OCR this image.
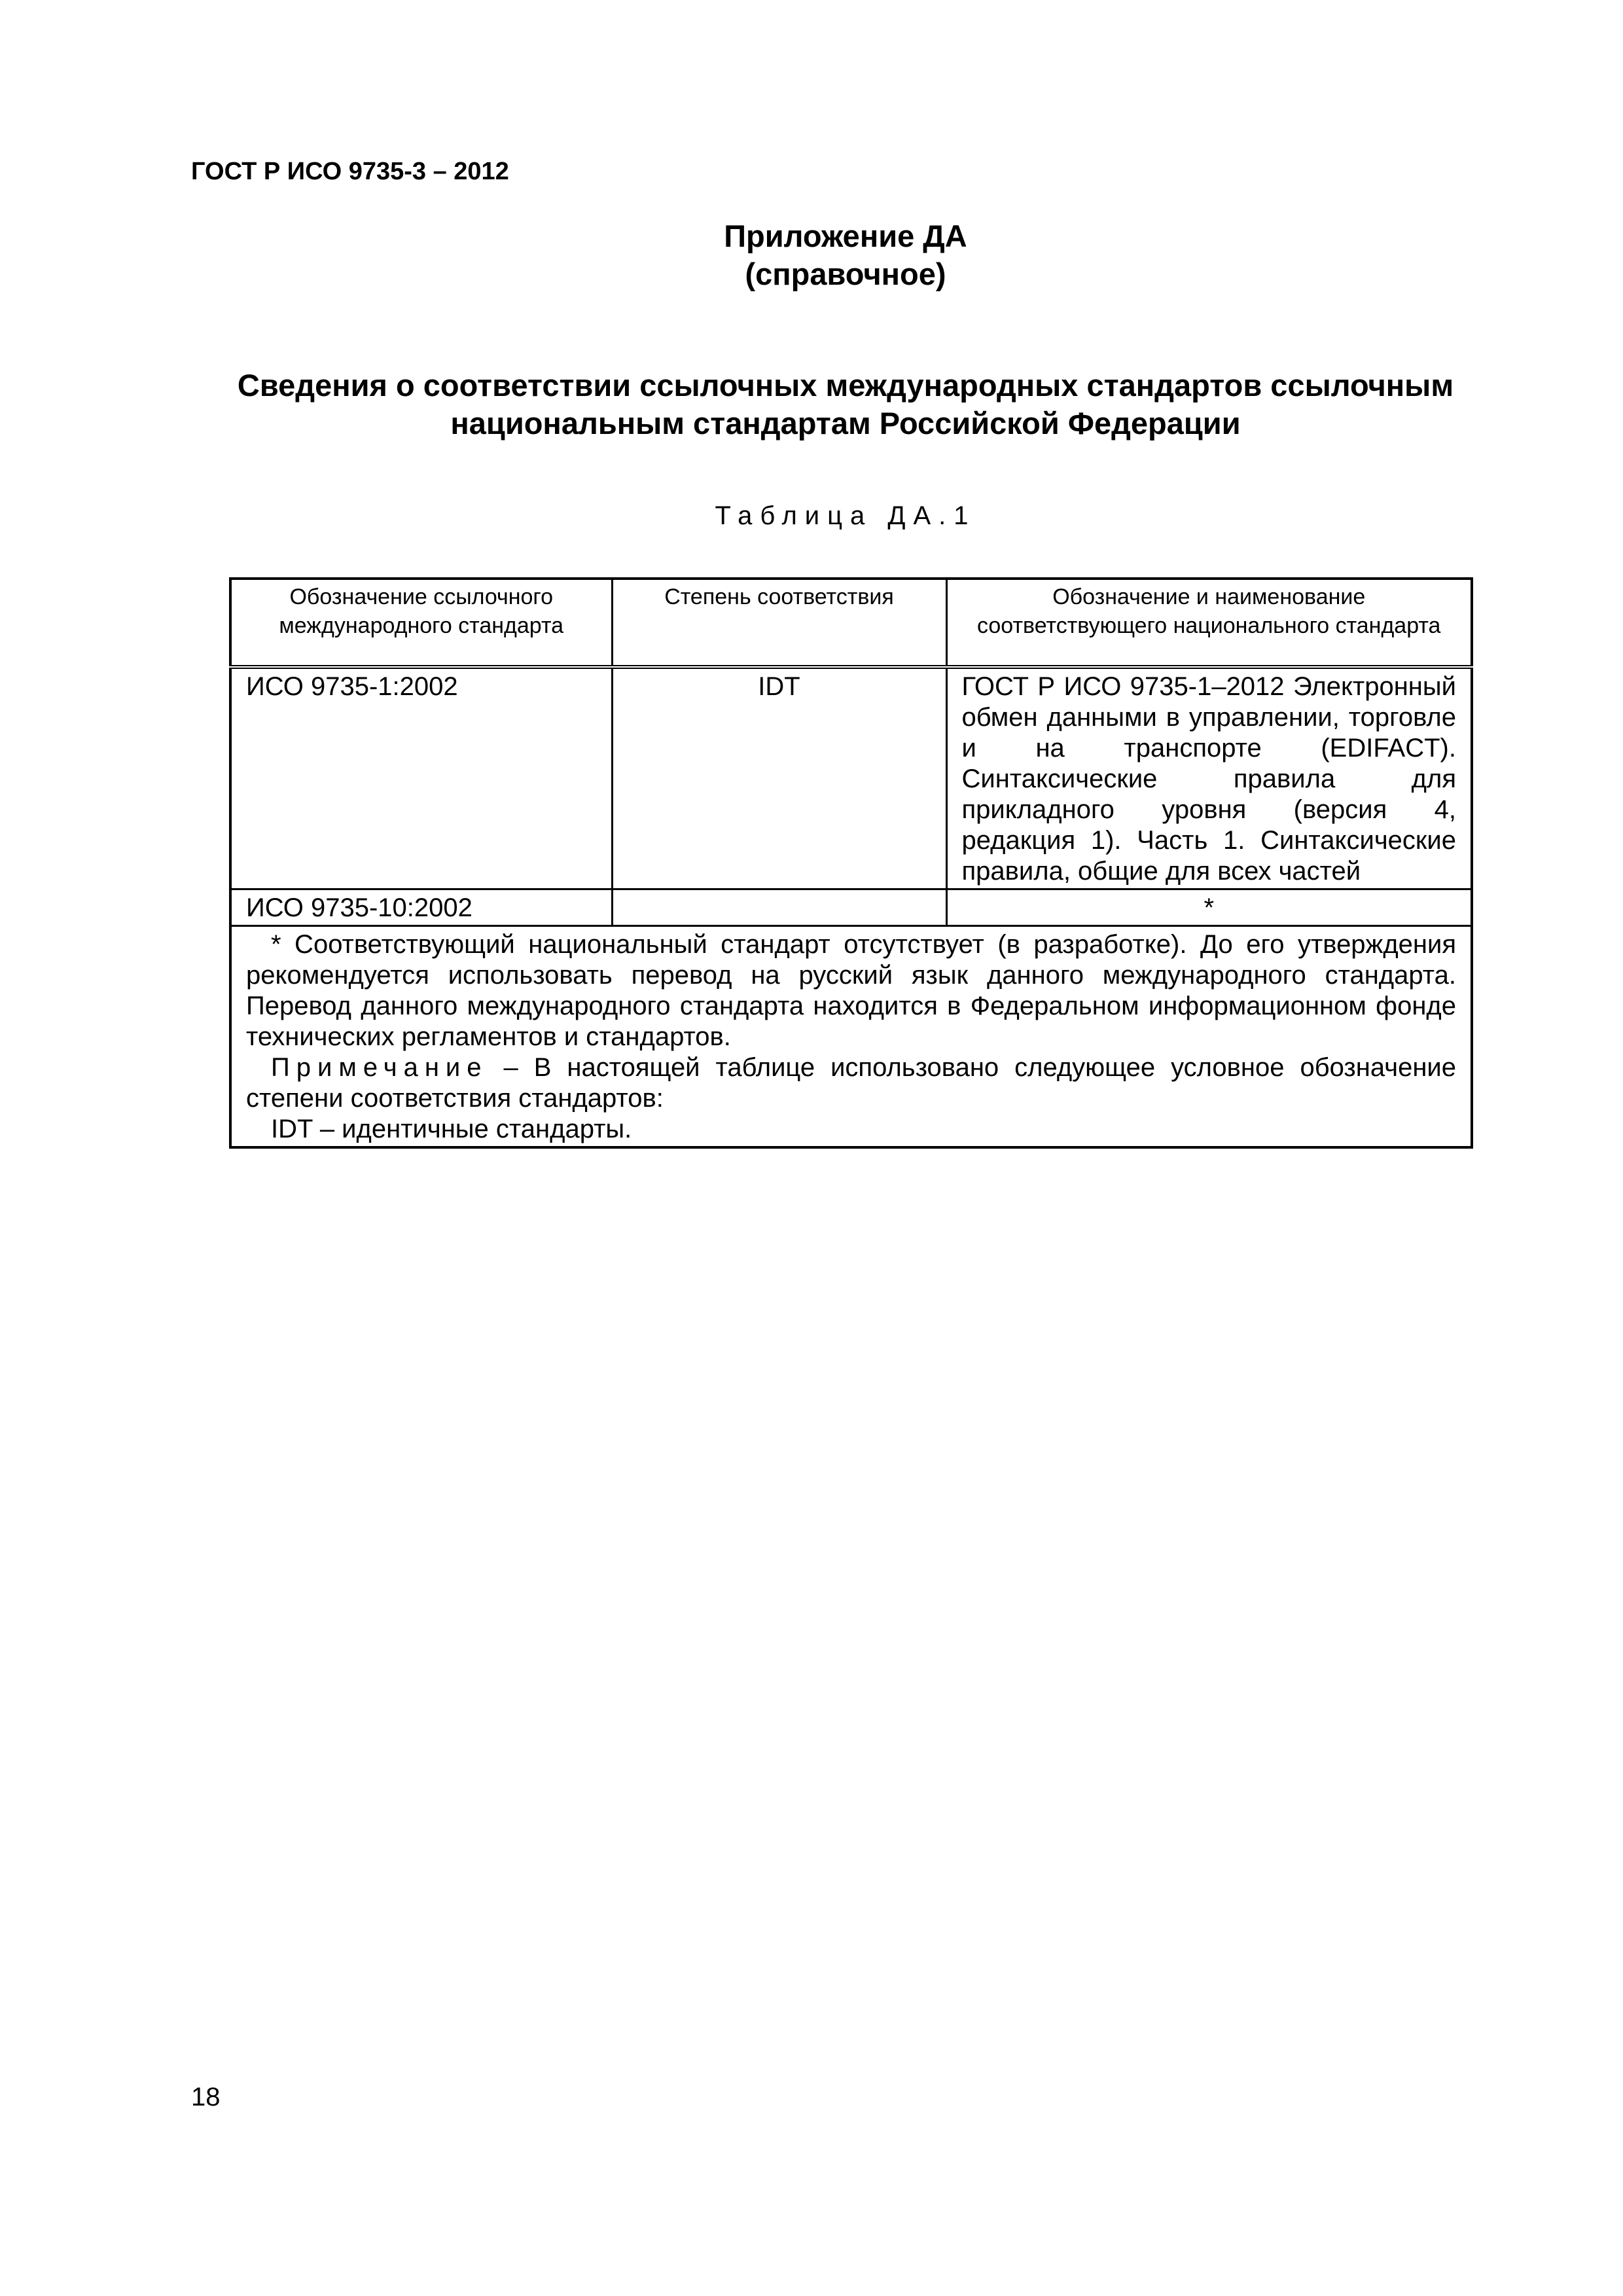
ГОСТ Р ИСО 9735-3 – 2012
Приложение ДА
(справочное)
Сведения о соответствии ссылочных международных стандартов ссылочным
национальным стандартам Российской Федерации
Таблица ДА.1
Обозначение ссылочного международного стандарта	Степень соответствия	Обозначение и наименование соответствующего национального стандарта
ИСО 9735-1:2002	IDT	ГОСТ Р ИСО 9735-1–2012 Электронный обмен данными в управлении, торговле и на транспорте (EDIFACT). Синтаксические правила для прикладного уровня (версия 4, редакция 1). Часть 1. Синтаксические правила, общие для всех частей
ИСО 9735-10:2002		*

* Соответствующий национальный стандарт отсутствует (в разработке). До его утверждения рекомендуется использовать перевод на русский язык данного международного стандарта. Перевод данного международного стандарта находится в Федеральном информационном фонде технических регламентов и стандартов.

Примечание – В настоящей таблице использовано следующее условное обозначение степени соответствия стандартов:

IDT – идентичные стандарты.		

18
